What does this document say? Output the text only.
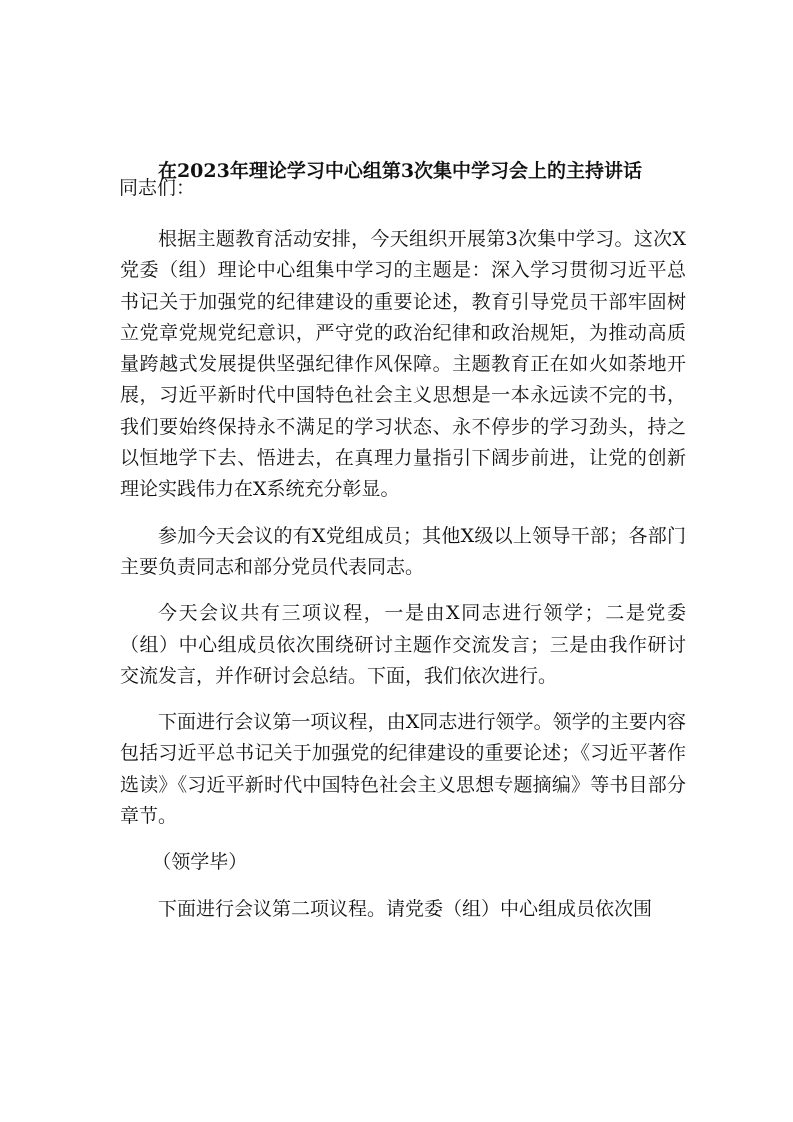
在2023年理论学习中心组第3次集中学习会上的主持讲话

同志们：

根据主题教育活动安排，今天组织开展第3次集中学习。这次X党委（组）理论中心组集中学习的主题是：深入学习贯彻习近平总书记关于加强党的纪律建设的重要论述，教育引导党员干部牢固树立党章党规党纪意识，严守党的政治纪律和政治规矩，为推动高质量跨越式发展提供坚强纪律作风保障。主题教育正在如火如荼地开展，习近平新时代中国特色社会主义思想是一本永远读不完的书，我们要始终保持永不满足的学习状态、永不停步的学习劲头，持之以恒地学下去、悟进去，在真理力量指引下阔步前进，让党的创新理论实践伟力在X系统充分彰显。

参加今天会议的有X党组成员；其他X级以上领导干部；各部门主要负责同志和部分党员代表同志。

今天会议共有三项议程，一是由X同志进行领学；二是党委（组）中心组成员依次围绕研讨主题作交流发言；三是由我作研讨交流发言，并作研讨会总结。下面，我们依次进行。

下面进行会议第一项议程，由X同志进行领学。领学的主要内容包括习近平总书记关于加强党的纪律建设的重要论述；《习近平著作选读》《习近平新时代中国特色社会主义思想专题摘编》等书目部分章节。

（领学毕）

下面进行会议第二项议程。请党委（组）中心组成员依次围
